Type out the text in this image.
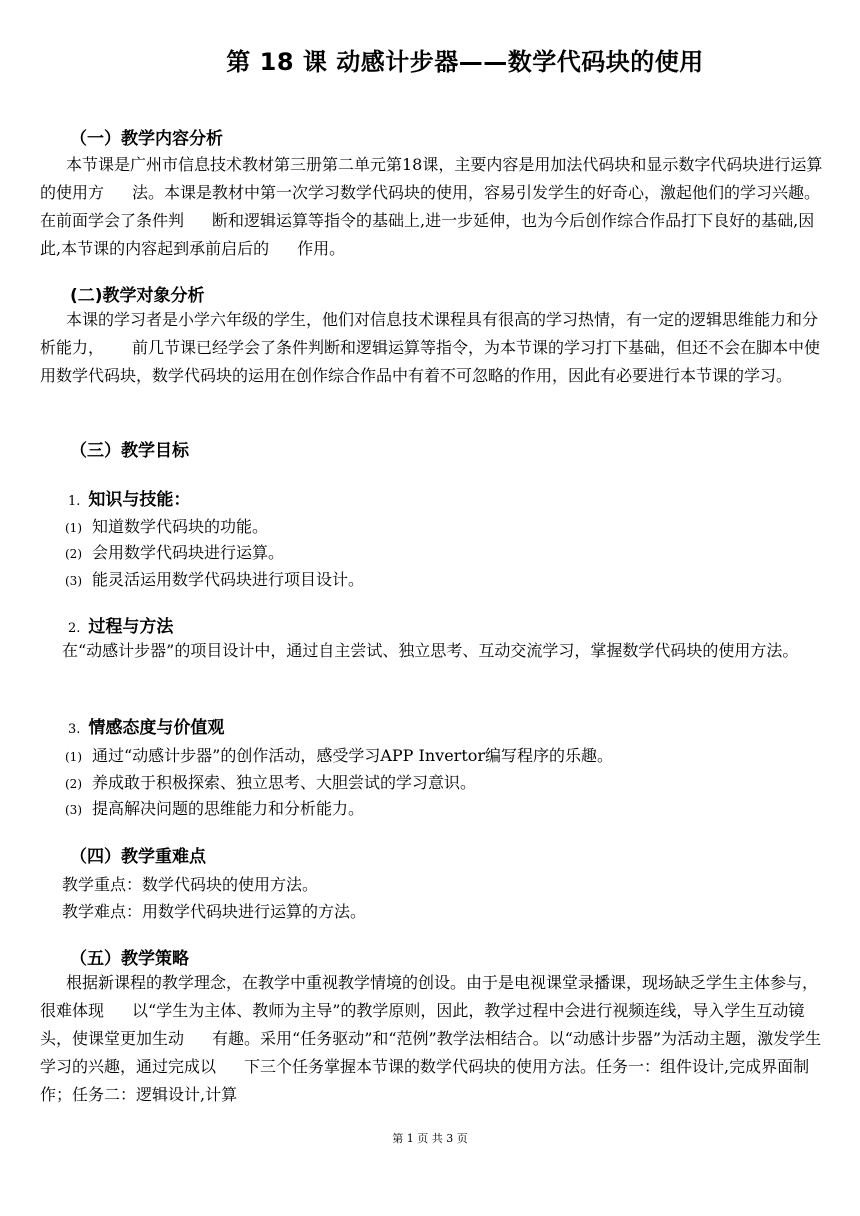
第 18 课 动感计步器——数学代码块的使用
（一）教学内容分析

本节课是广州市信息技术教材第三册第二单元第18课，主要内容是用加法代码块和显示数字代码块进行运算的使用方 法。本课是教材中第一次学习数学代码块的使用，容易引发学生的好奇心，激起他们的学习兴趣。在前面学会了条件判 断和逻辑运算等指令的基础上,进一步延伸，也为今后创作综合作品打下良好的基础,因此,本节课的内容起到承前启后的 作用。

(二)教学对象分析

本课的学习者是小学六年级的学生，他们对信息技术课程具有很高的学习热情，有一定的逻辑思维能力和分析能力， 前几节课已经学会了条件判断和逻辑运算等指令，为本节课的学习打下基础，但还不会在脚本中使用数学代码块，数学代码块的运用在创作综合作品中有着不可忽略的作用，因此有必要进行本节课的学习。

（三）教学目标
1. 知识与技能：
(1) 知道数学代码块的功能。
(2) 会用数学代码块进行运算。
(3) 能灵活运用数学代码块进行项目设计。
2. 过程与方法

在“动感计步器”的项目设计中，通过自主尝试、独立思考、互动交流学习，掌握数学代码块的使用方法。

3. 情感态度与价值观
(1) 通过“动感计步器”的创作活动，感受学习APP Invertor编写程序的乐趣。
(2) 养成敢于积极探索、独立思考、大胆尝试的学习意识。
(3) 提高解决问题的思维能力和分析能力。
（四）教学重难点
教学重点：数学代码块的使用方法。
教学难点：用数学代码块进行运算的方法。
（五）教学策略

根据新课程的教学理念，在教学中重视教学情境的创设。由于是电视课堂录播课，现场缺乏学生主体参与，很难体现 以“学生为主体、教师为主导”的教学原则，因此，教学过程中会进行视频连线，导入学生互动镜头，使课堂更加生动 有趣。采用“任务驱动”和“范例”教学法相结合。以“动感计步器”为活动主题，激发学生学习的兴趣，通过完成以 下三个任务掌握本节课的数学代码块的使用方法。任务一：组件设计,完成界面制作；任务二：逻辑设计,计算

第 1 页 共 3 页
